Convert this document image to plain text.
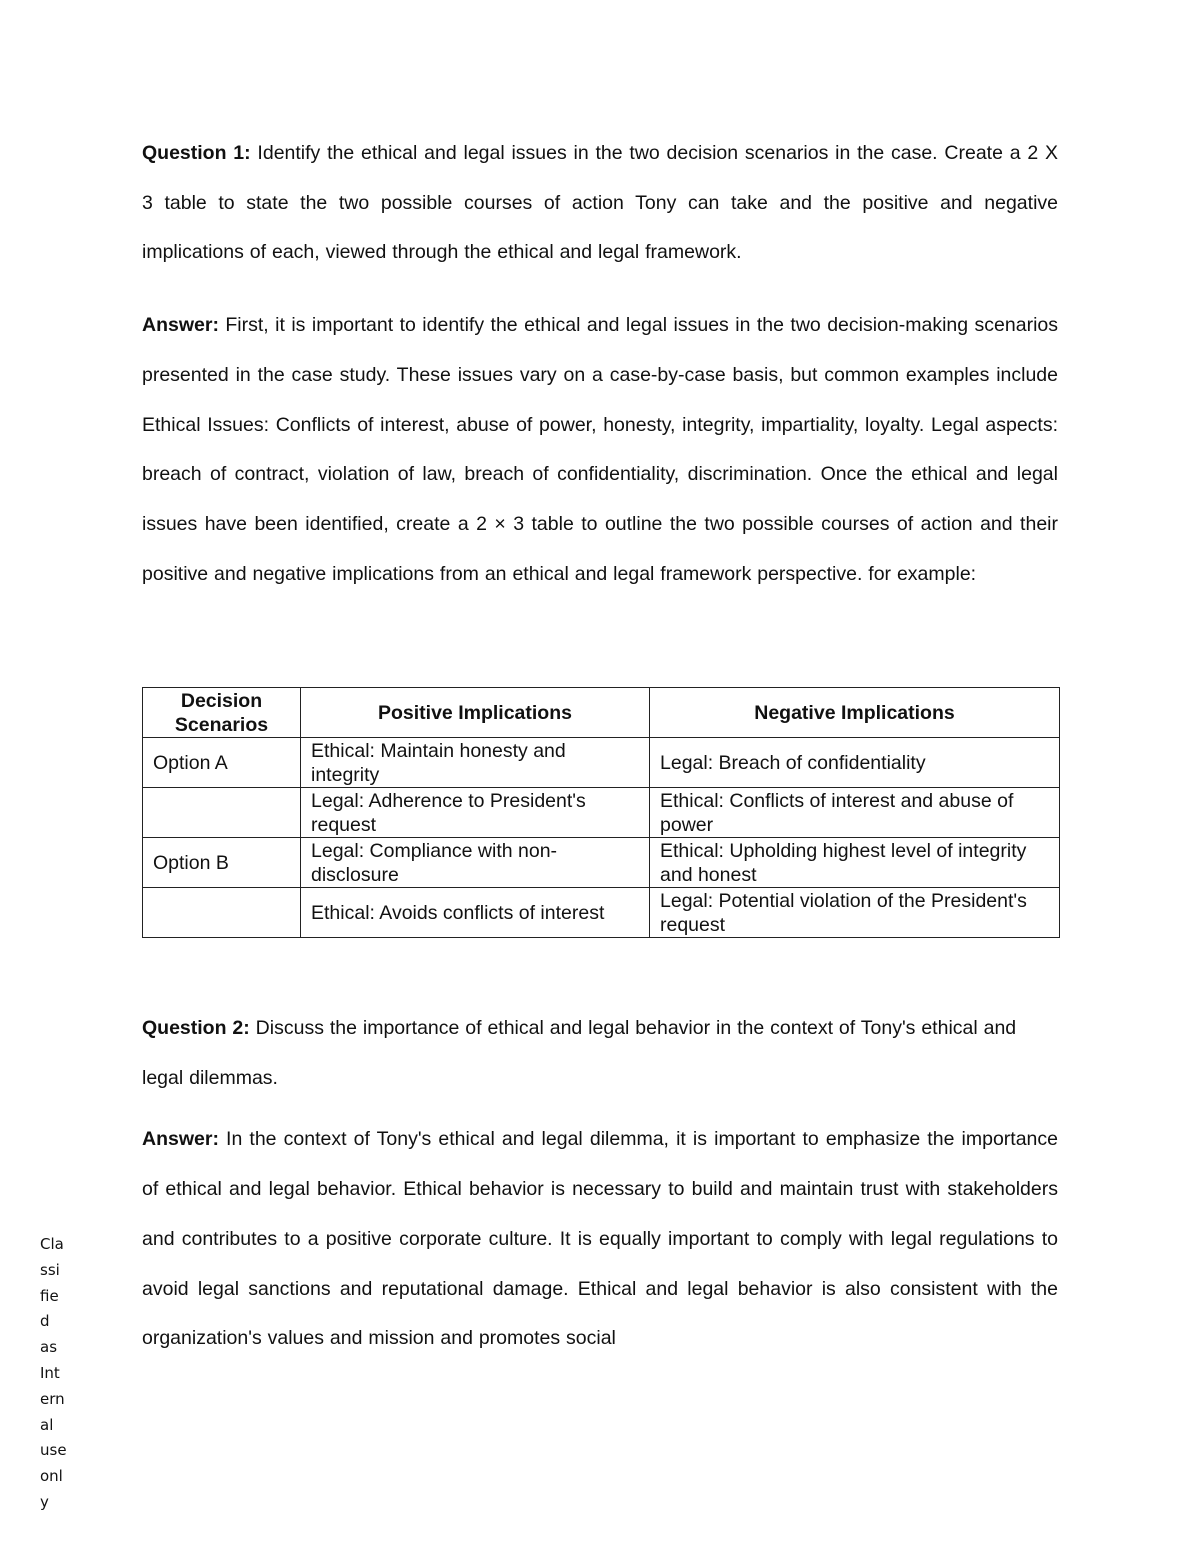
Question 1: Identify the ethical and legal issues in the two decision scenarios in the case. Create a 2 X 3 table to state the two possible courses of action Tony can take and the positive and negative implications of each, viewed through the ethical and legal framework.

Answer: First, it is important to identify the ethical and legal issues in the two decision-making scenarios presented in the case study. These issues vary on a case-by-case basis, but common examples include Ethical Issues: Conflicts of interest, abuse of power, honesty, integrity, impartiality, loyalty. Legal aspects: breach of contract, violation of law, breach of confidentiality, discrimination. Once the ethical and legal issues have been identified, create a 2 × 3 table to outline the two possible courses of action and their positive and negative implications from an ethical and legal framework perspective. for example:

Decision Scenarios	Positive Implications	Negative Implications
Option A	Ethical: Maintain honesty and integrity	Legal: Breach of confidentiality
	Legal: Adherence to President's request	Ethical: Conflicts of interest and abuse of power
Option B	Legal: Compliance with non-disclosure	Ethical: Upholding highest level of integrity and honest
	Ethical: Avoids conflicts of interest	Legal: Potential violation of the President's request

Question 2: Discuss the importance of ethical and legal behavior in the context of Tony's ethical and legal dilemmas.

Answer: In the context of Tony's ethical and legal dilemma, it is important to emphasize the importance of ethical and legal behavior. Ethical behavior is necessary to build and maintain trust with stakeholders and contributes to a positive corporate culture. It is equally important to comply with legal regulations to avoid legal sanctions and reputational damage. Ethical and legal behavior is also consistent with the organization's values and mission and promotes social

Cla
ssi
fie
d
as
Int
ern
al
use
onl
y
